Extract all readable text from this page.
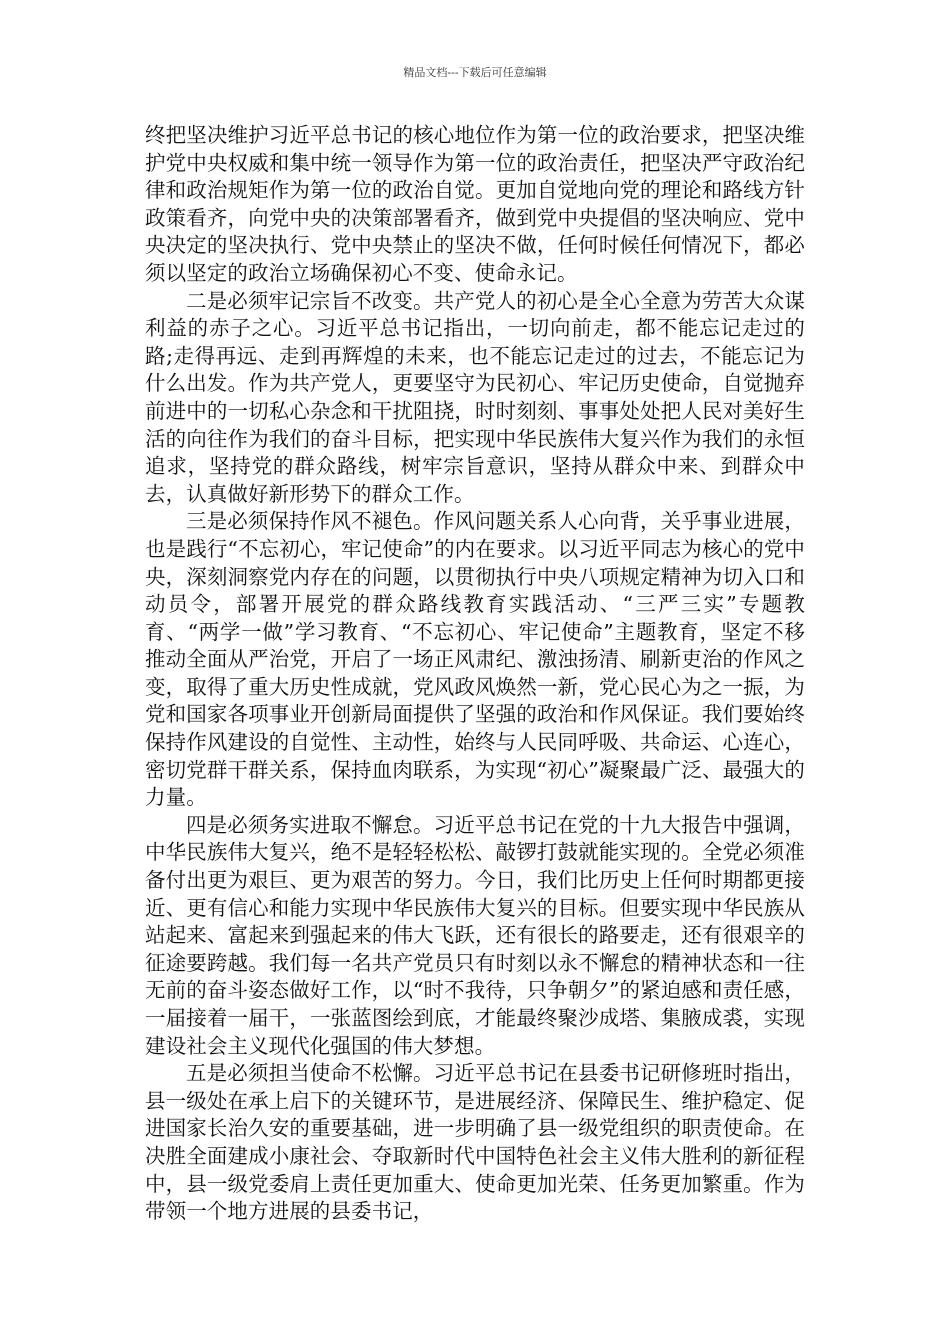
精品文档---下载后可任意编辑

终把坚决维护习近平总书记的核心地位作为第一位的政治要求，把坚决维护党中央权威和集中统一领导作为第一位的政治责任，把坚决严守政治纪律和政治规矩作为第一位的政治自觉。更加自觉地向党的理论和路线方针政策看齐，向党中央的决策部署看齐，做到党中央提倡的坚决响应、党中央决定的坚决执行、党中央禁止的坚决不做，任何时候任何情况下，都必须以坚定的政治立场确保初心不变、使命永记。

二是必须牢记宗旨不改变。共产党人的初心是全心全意为劳苦大众谋利益的赤子之心。习近平总书记指出，一切向前走，都不能忘记走过的路;走得再远、走到再辉煌的未来，也不能忘记走过的过去，不能忘记为什么出发。作为共产党人，更要坚守为民初心、牢记历史使命，自觉抛弃前进中的一切私心杂念和干扰阻挠，时时刻刻、事事处处把人民对美好生活的向往作为我们的奋斗目标，把实现中华民族伟大复兴作为我们的永恒追求，坚持党的群众路线，树牢宗旨意识，坚持从群众中来、到群众中去，认真做好新形势下的群众工作。

三是必须保持作风不褪色。作风问题关系人心向背，关乎事业进展，也是践行“不忘初心，牢记使命”的内在要求。以习近平同志为核心的党中央，深刻洞察党内存在的问题，以贯彻执行中央八项规定精神为切入口和动员令，部署开展党的群众路线教育实践活动、“三严三实”专题教育、“两学一做”学习教育、“不忘初心、牢记使命”主题教育，坚定不移推动全面从严治党，开启了一场正风肃纪、激浊扬清、刷新吏治的作风之变，取得了重大历史性成就，党风政风焕然一新，党心民心为之一振，为党和国家各项事业开创新局面提供了坚强的政治和作风保证。我们要始终保持作风建设的自觉性、主动性，始终与人民同呼吸、共命运、心连心，密切党群干群关系，保持血肉联系，为实现“初心”凝聚最广泛、最强大的力量。

四是必须务实进取不懈怠。习近平总书记在党的十九大报告中强调，中华民族伟大复兴，绝不是轻轻松松、敲锣打鼓就能实现的。全党必须准备付出更为艰巨、更为艰苦的努力。今日，我们比历史上任何时期都更接近、更有信心和能力实现中华民族伟大复兴的目标。但要实现中华民族从站起来、富起来到强起来的伟大飞跃，还有很长的路要走，还有很艰辛的征途要跨越。我们每一名共产党员只有时刻以永不懈怠的精神状态和一往无前的奋斗姿态做好工作，以“时不我待，只争朝夕”的紧迫感和责任感，一届接着一届干，一张蓝图绘到底，才能最终聚沙成塔、集腋成裘，实现建设社会主义现代化强国的伟大梦想。

五是必须担当使命不松懈。习近平总书记在县委书记研修班时指出，县一级处在承上启下的关键环节，是进展经济、保障民生、维护稳定、促进国家长治久安的重要基础，进一步明确了县一级党组织的职责使命。在决胜全面建成小康社会、夺取新时代中国特色社会主义伟大胜利的新征程中，县一级党委肩上责任更加重大、使命更加光荣、任务更加繁重。作为带领一个地方进展的县委书记，
